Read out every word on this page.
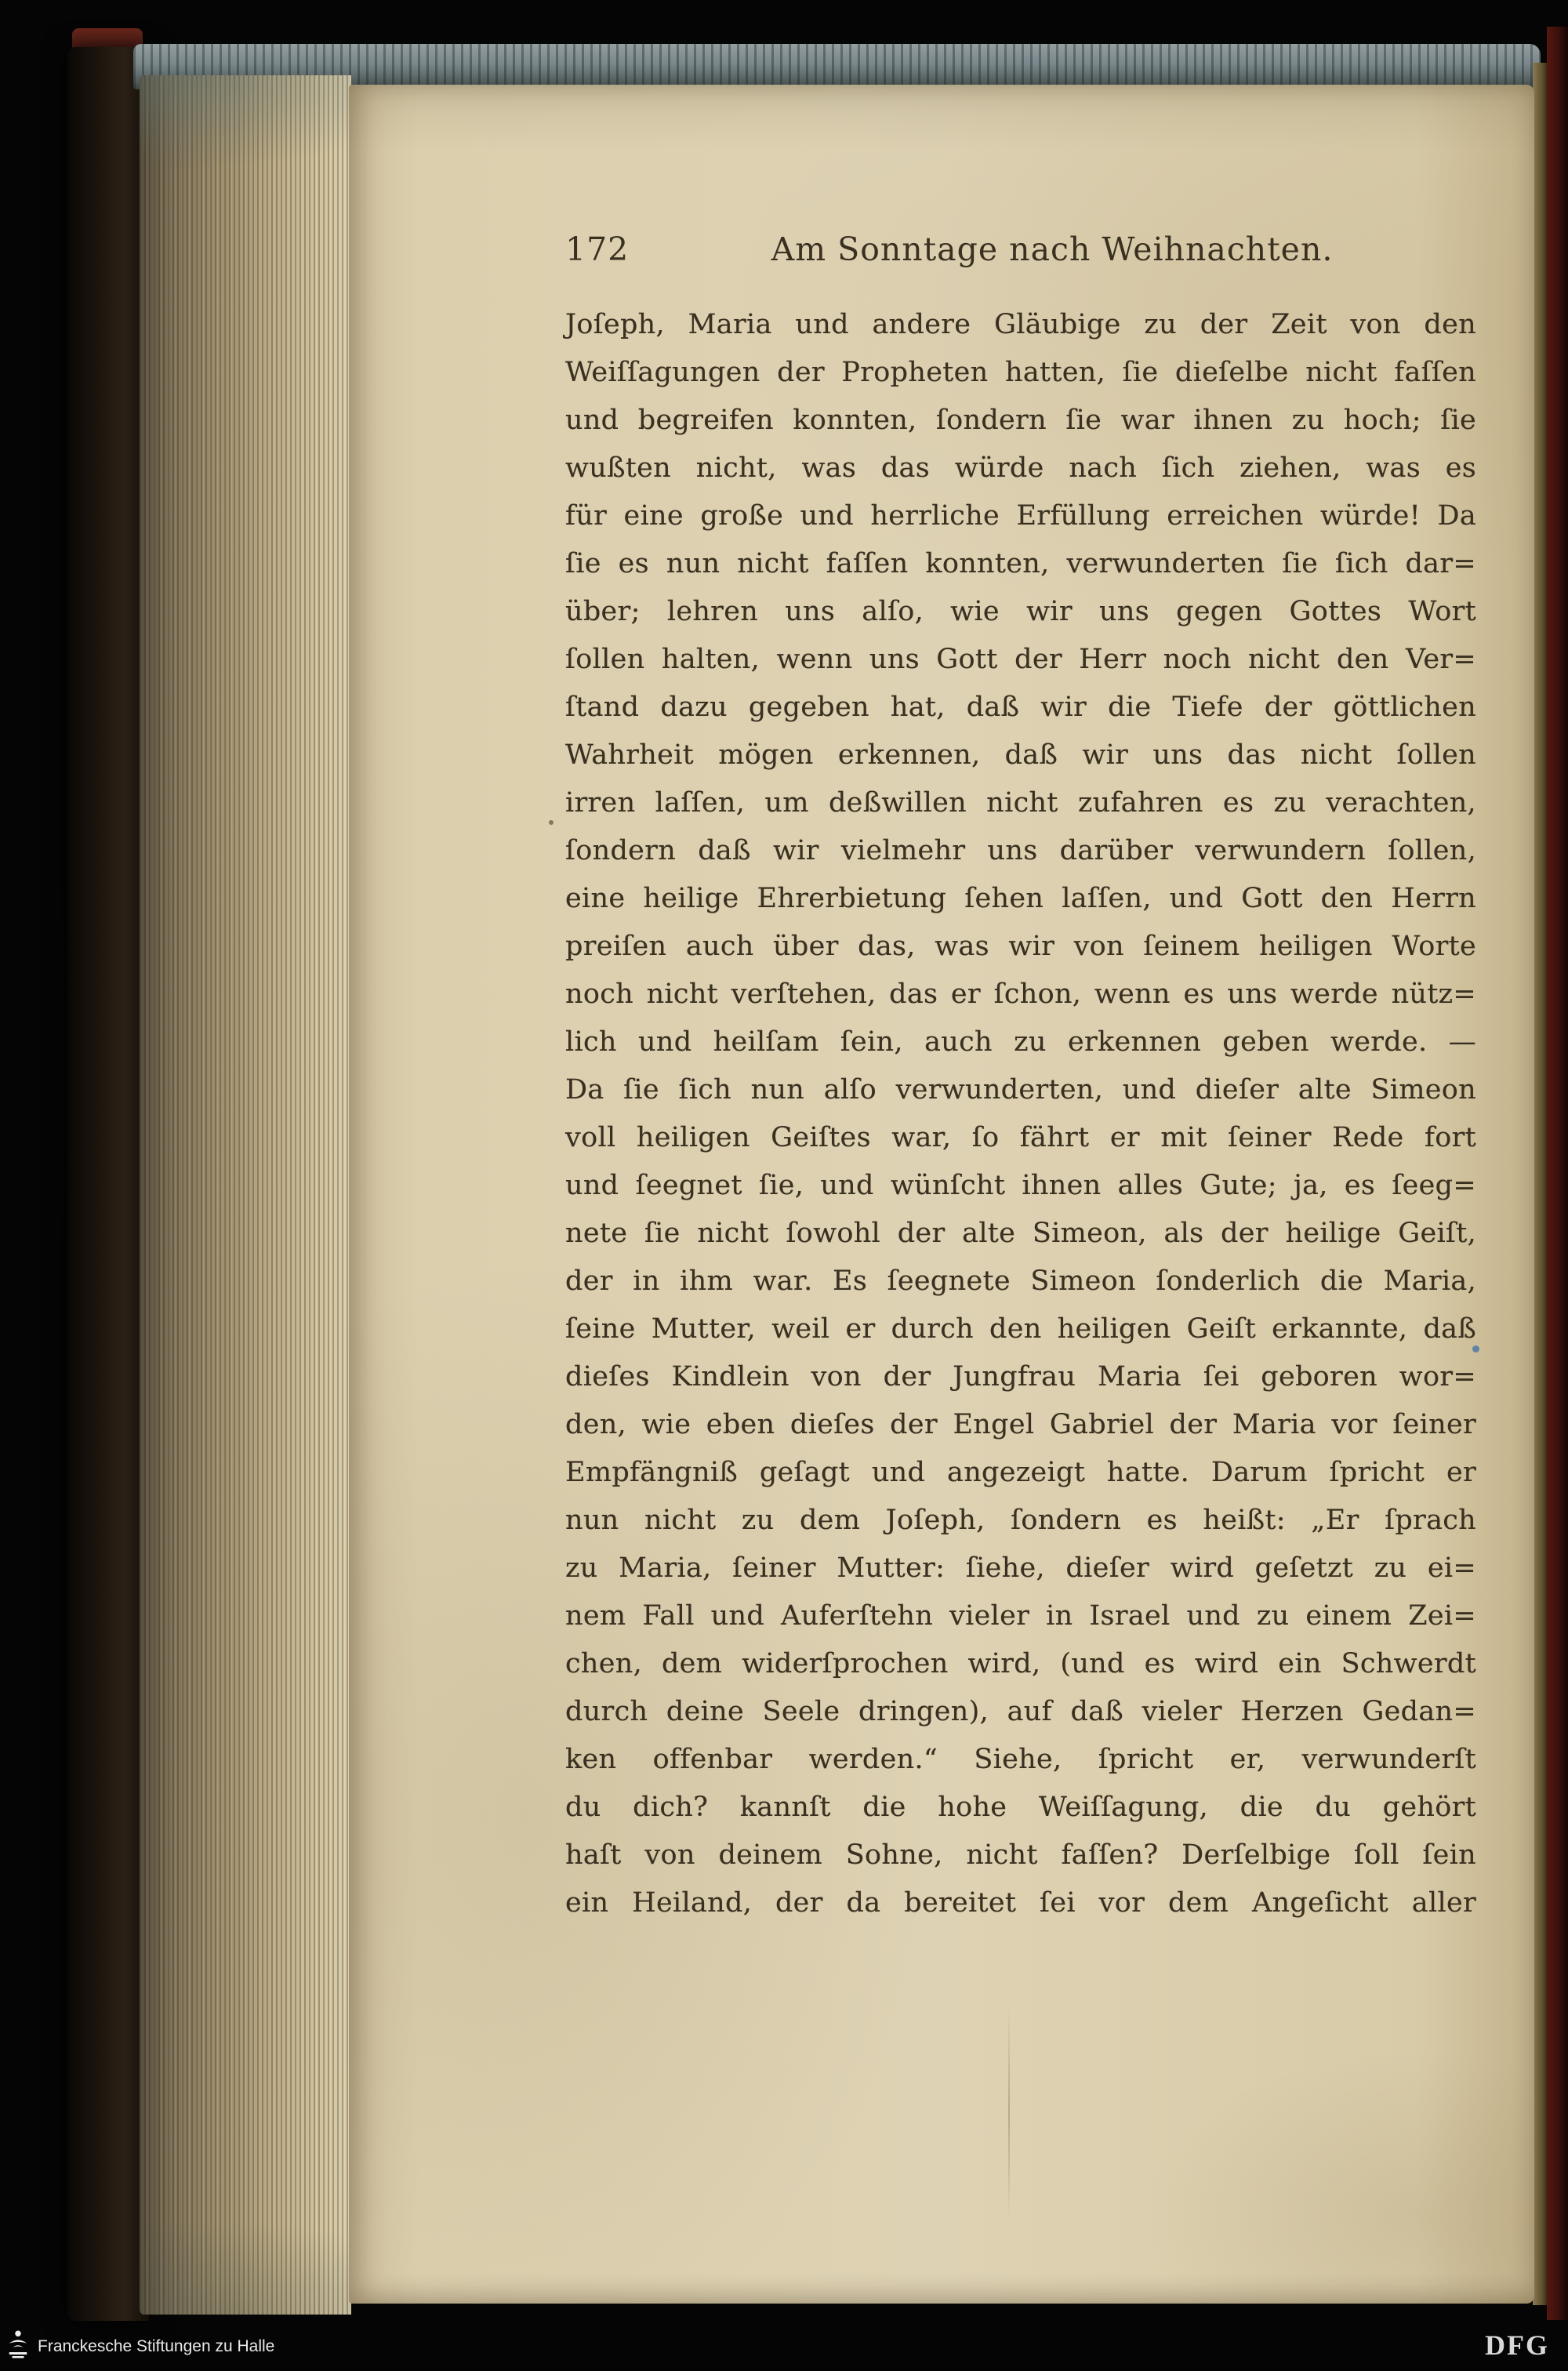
172	Am Sonntage nach Weihnachten.
Joſeph, Maria und andere Gläubige zu der Zeit von den
Weiſſagungen der Propheten hatten, ſie dieſelbe nicht faſſen
und begreifen konnten, ſondern ſie war ihnen zu hoch; ſie
wußten nicht, was das würde nach ſich ziehen, was es
für eine große und herrliche Erfüllung erreichen würde! Da
ſie es nun nicht faſſen konnten, verwunderten ſie ſich dar=
über; lehren uns alſo, wie wir uns gegen Gottes Wort
ſollen halten, wenn uns Gott der Herr noch nicht den Ver=
ſtand dazu gegeben hat, daß wir die Tiefe der göttlichen
Wahrheit mögen erkennen, daß wir uns das nicht ſollen
irren laſſen, um deßwillen nicht zufahren es zu verachten,
ſondern daß wir vielmehr uns darüber verwundern ſollen,
eine heilige Ehrerbietung ſehen laſſen, und Gott den Herrn
preiſen auch über das, was wir von ſeinem heiligen Worte
noch nicht verſtehen, das er ſchon, wenn es uns werde nütz=
lich und heilſam ſein, auch zu erkennen geben werde. —
Da ſie ſich nun alſo verwunderten, und dieſer alte Simeon
voll heiligen Geiſtes war, ſo fährt er mit ſeiner Rede fort
und ſeegnet ſie, und wünſcht ihnen alles Gute; ja, es ſeeg=
nete ſie nicht ſowohl der alte Simeon, als der heilige Geiſt,
der in ihm war. Es ſeegnete Simeon ſonderlich die Maria,
ſeine Mutter, weil er durch den heiligen Geiſt erkannte, daß
dieſes Kindlein von der Jungfrau Maria ſei geboren wor=
den, wie eben dieſes der Engel Gabriel der Maria vor ſeiner
Empfängniß geſagt und angezeigt hatte. Darum ſpricht er
nun nicht zu dem Joſeph, ſondern es heißt: „Er ſprach
zu Maria, ſeiner Mutter: ſiehe, dieſer wird geſetzt zu ei=
nem Fall und Auferſtehn vieler in Israel und zu einem Zei=
chen, dem widerſprochen wird, (und es wird ein Schwerdt
durch deine Seele dringen), auf daß vieler Herzen Gedan=
ken offenbar werden.“ Siehe, ſpricht er, verwunderſt
du dich? kannſt die hohe Weiſſagung, die du gehört
haſt von deinem Sohne, nicht faſſen? Derſelbige ſoll ſein
ein Heiland, der da bereitet ſei vor dem Angeſicht aller
Franckesche Stiftungen zu Halle	DFG
